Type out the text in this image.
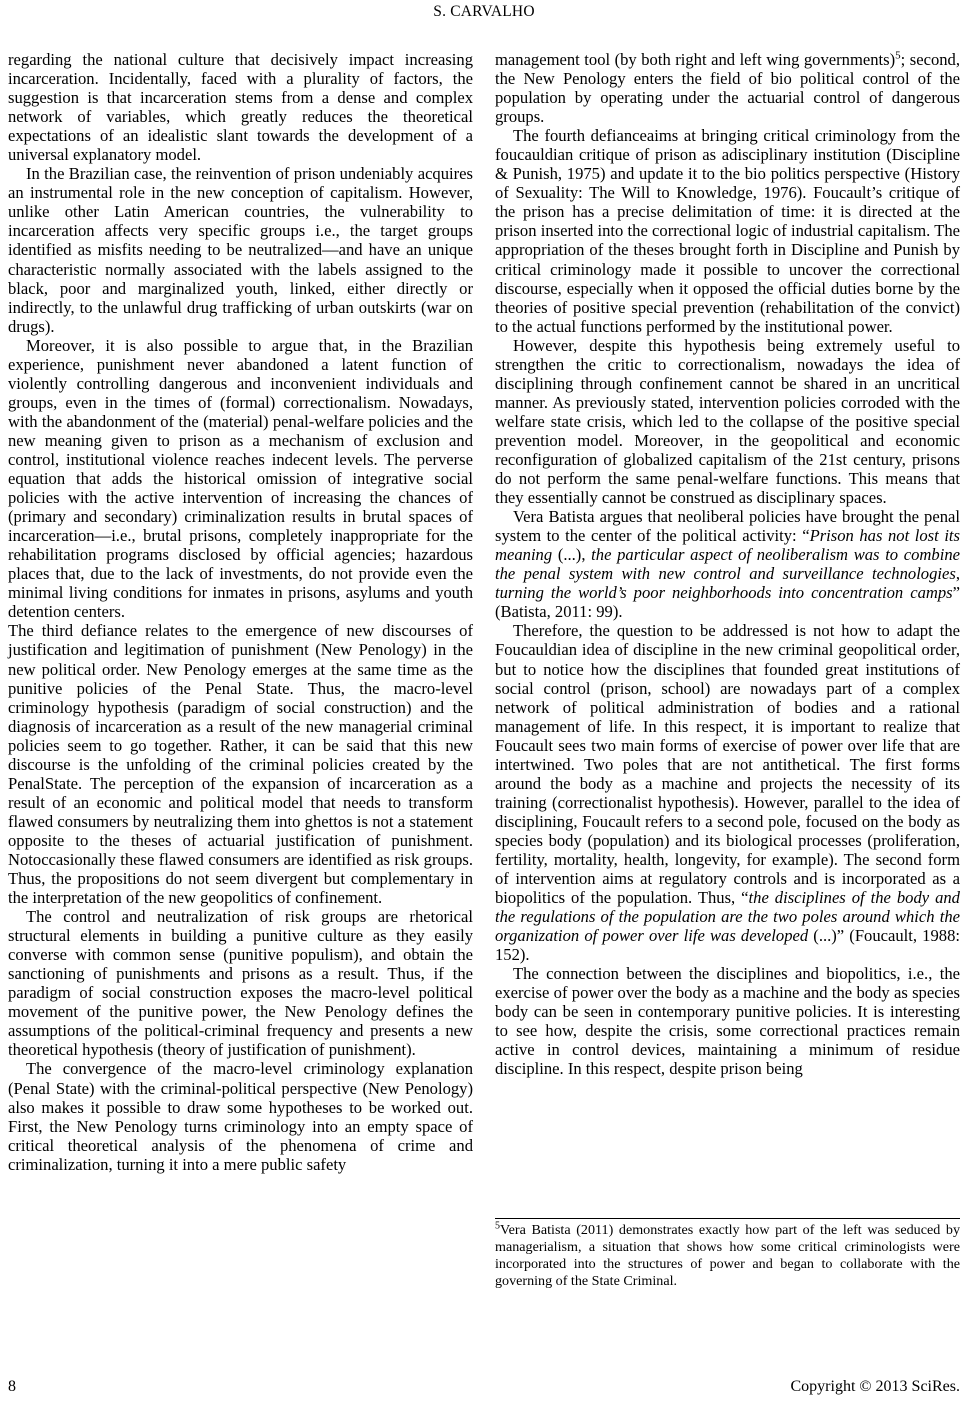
S. CARVALHO

regarding the national culture that decisively impact increasing incarceration. Incidentally, faced with a plurality of factors, the suggestion is that incarceration stems from a dense and complex network of variables, which greatly reduces the theoretical expectations of an idealistic slant towards the development of a universal explanatory model.

In the Brazilian case, the reinvention of prison undeniably acquires an instrumental role in the new conception of capitalism. However, unlike other Latin American countries, the vulnerability to incarceration affects very specific groups i.e., the target groups identified as misfits needing to be neutralized—and have an unique characteristic normally associated with the labels assigned to the black, poor and marginalized youth, linked, either directly or indirectly, to the unlawful drug trafficking of urban outskirts (war on drugs).

Moreover, it is also possible to argue that, in the Brazilian experience, punishment never abandoned a latent function of violently controlling dangerous and inconvenient individuals and groups, even in the times of (formal) correctionalism. Nowadays, with the abandonment of the (material) penal-welfare policies and the new meaning given to prison as a mechanism of exclusion and control, institutional violence reaches indecent levels. The perverse equation that adds the historical omission of integrative social policies with the active intervention of increasing the chances of (primary and secondary) criminalization results in brutal spaces of incarceration—i.e., brutal prisons, completely inappropriate for the rehabilitation programs disclosed by official agencies; hazardous places that, due to the lack of investments, do not provide even the minimal living conditions for inmates in prisons, asylums and youth detention centers.

The third defiance relates to the emergence of new discourses of justification and legitimation of punishment (New Penology) in the new political order. New Penology emerges at the same time as the punitive policies of the Penal State. Thus, the macro-level criminology hypothesis (paradigm of social construction) and the diagnosis of incarceration as a result of the new managerial criminal policies seem to go together. Rather, it can be said that this new discourse is the unfolding of the criminal policies created by the PenalState. The perception of the expansion of incarceration as a result of an economic and political model that needs to transform flawed consumers by neutralizing them into ghettos is not a statement opposite to the theses of actuarial justification of punishment. Notoccasionally these flawed consumers are identified as risk groups. Thus, the propositions do not seem divergent but complementary in the interpretation of the new geopolitics of confinement.

The control and neutralization of risk groups are rhetorical structural elements in building a punitive culture as they easily converse with common sense (punitive populism), and obtain the sanctioning of punishments and prisons as a result. Thus, if the paradigm of social construction exposes the macro-level political movement of the punitive power, the New Penology defines the assumptions of the political-criminal frequency and presents a new theoretical hypothesis (theory of justification of punishment).

The convergence of the macro-level criminology explanation (Penal State) with the criminal-political perspective (New Penology) also makes it possible to draw some hypotheses to be worked out. First, the New Penology turns criminology into an empty space of critical theoretical analysis of the phenomena of crime and criminalization, turning it into a mere public safety

management tool (by both right and left wing governments)$^5$; second, the New Penology enters the field of bio political control of the population by operating under the actuarial control of dangerous groups.

The fourth defianceaims at bringing critical criminology from the foucauldian critique of prison as adisciplinary institution (Discipline & Punish, 1975) and update it to the bio politics perspective (History of Sexuality: The Will to Knowledge, 1976). Foucault’s critique of the prison has a precise delimitation of time: it is directed at the prison inserted into the correctional logic of industrial capitalism. The appropriation of the theses brought forth in Discipline and Punish by critical criminology made it possible to uncover the correctional discourse, especially when it opposed the official duties borne by the theories of positive special prevention (rehabilitation of the convict) to the actual functions performed by the institutional power.

However, despite this hypothesis being extremely useful to strengthen the critic to correctionalism, nowadays the idea of disciplining through confinement cannot be shared in an uncritical manner. As previously stated, intervention policies corroded with the welfare state crisis, which led to the collapse of the positive special prevention model. Moreover, in the geopolitical and economic reconfiguration of globalized capitalism of the 21st century, prisons do not perform the same penal-welfare functions. This means that they essentially cannot be construed as disciplinary spaces.

Vera Batista argues that neoliberal policies have brought the penal system to the center of the political activity: “Prison has not lost its meaning (...), the particular aspect of neoliberalism was to combine the penal system with new control and surveillance technologies, turning the world’s poor neighborhoods into concentration camps” (Batista, 2011: 99).

Therefore, the question to be addressed is not how to adapt the Foucauldian idea of discipline in the new criminal geopolitical order, but to notice how the disciplines that founded great institutions of social control (prison, school) are nowadays part of a complex network of political administration of bodies and a rational management of life. In this respect, it is important to realize that Foucault sees two main forms of exercise of power over life that are intertwined. Two poles that are not antithetical. The first forms around the body as a machine and projects the necessity of its training (correctionalist hypothesis). However, parallel to the idea of disciplining, Foucault refers to a second pole, focused on the body as species body (population) and its biological processes (proliferation, fertility, mortality, health, longevity, for example). The second form of intervention aims at regulatory controls and is incorporated as a biopolitics of the population. Thus, “the disciplines of the body and the regulations of the population are the two poles around which the organization of power over life was developed (...)” (Foucault, 1988: 152).

The connection between the disciplines and biopolitics, i.e., the exercise of power over the body as a machine and the body as species body can be seen in contemporary punitive policies. It is interesting to see how, despite the crisis, some correctional practices remain active in control devices, maintaining a minimum of residue discipline. In this respect, despite prison being

$^5$Vera Batista (2011) demonstrates exactly how part of the left was seduced by managerialism, a situation that shows how some critical criminologists were incorporated into the structures of power and began to collaborate with the governing of the State Criminal.

8	Copyright © 2013 SciRes.
